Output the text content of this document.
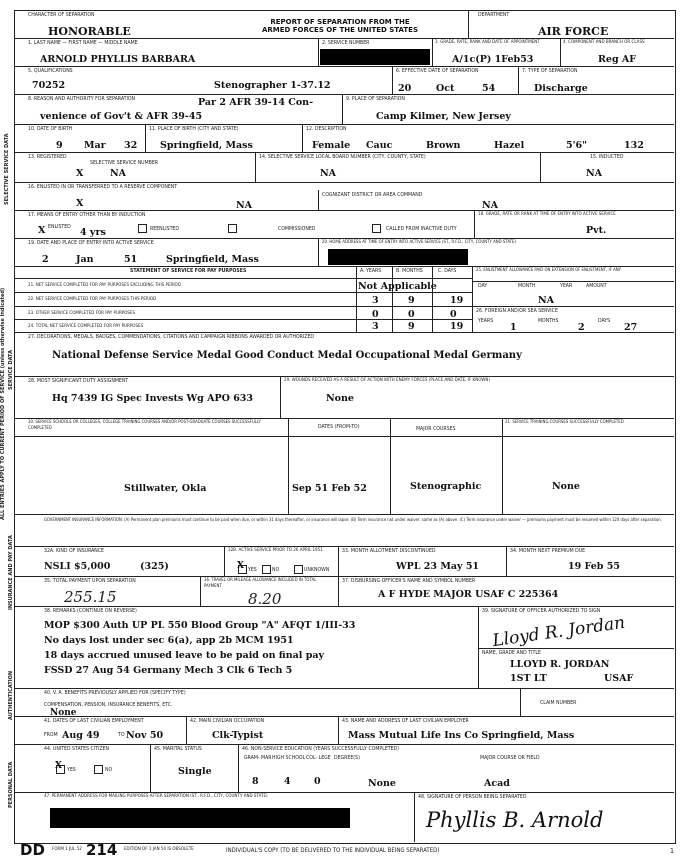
SELECTIVE SERVICE DATA
ALL ENTRIES APPLY TO CURRENT PERIOD OF SERVICE (unless otherwise indicated) SERVICE DATA
INSURANCE AND PAY DATA
AUTHENTICATION
PERSONAL DATA
CHARACTER OF SEPARATION
HONORABLE
REPORT OF SEPARATION FROM THE ARMED FORCES OF THE UNITED STATES
DEPARTMENT
AIR FORCE
1. LAST NAME — FIRST NAME — MIDDLE NAME
ARNOLD PHYLLIS BARBARA
2. SERVICE NUMBER	3. GRADE, RATE, RANK AND DATE OF APPOINTMENT
A/1c(P) 1Feb53
4. COMPONENT AND BRANCH OR CLASS
Reg AF
5. QUALIFICATIONS
70252	Stenographer 1-37.12
6. EFFECTIVE DATE OF SEPARATION
20	Oct	54
7. TYPE OF SEPARATION
Discharge
8. REASON AND AUTHORITY FOR SEPARATION	Par 2 AFR 39-14 Con-
venience of Gov't & AFR 39-45
9. PLACE OF SEPARATION
Camp Kilmer, New Jersey
10. DATE OF BIRTH
9 Mar 32
11. PLACE OF BIRTH (CITY AND STATE)
Springfield, Mass
12. DESCRIPTION
Female Cauc	Brown	Hazel	5'6"	132
13. REGISTERED
SELECTIVE SERVICE NUMBER
X	NA
14. SELECTIVE SERVICE LOCAL BOARD NUMBER (CITY, COUNTY, STATE)
NA
15. INDUCTED
NA
16. ENLISTED IN OR TRANSFERRED TO A RESERVE COMPONENT
X	NA
COGNIZANT DISTRICT OR AREA COMMAND
NA
17. MEANS OF ENTRY OTHER THAN BY INDUCTION
X ENLISTED 4 yrs	REENLISTED	COMMISSIONED	CALLED FROM INACTIVE DUTY
18. GRADE, RATE OR RANK AT TIME OF ENTRY INTO ACTIVE SERVICE
Pvt.
19. DATE AND PLACE OF ENTRY INTO ACTIVE SERVICE
2	Jan	51	Springfield, Mass
20. HOME ADDRESS AT TIME OF ENTRY INTO ACTIVE SERVICE (ST., R.F.D., CITY, COUNTY AND STATE)
STATEMENT OF SERVICE FOR PAY PURPOSES	A. YEARS	B. MONTHS	C. DAYS
21. NET SERVICE COMPLETED FOR PAY PURPOSES EXCLUDING THIS PERIOD	Not Applicable
22. NET SERVICE COMPLETED FOR PAY PURPOSES THIS PERIOD	3	9	19
23. OTHER SERVICE COMPLETED FOR PAY PURPOSES	0	0	0
24. TOTAL NET SERVICE COMPLETED FOR PAY PURPOSES	3	9	19
25. ENLISTMENT ALLOWANCE PAID ON EXTENSION OF ENLISTMENT, IF ANY
DAY	MONTH	YEAR	AMOUNT
NA
26. FOREIGN AND/OR SEA SERVICE
YEARS	MONTHS	DAYS
1	2	27
27. DECORATIONS, MEDALS, BADGES, COMMENDATIONS, CITATIONS AND CAMPAIGN RIBBONS AWARDED OR AUTHORIZED
National Defense Service Medal Good Conduct Medal Occupational Medal Germany
28. MOST SIGNIFICANT DUTY ASSIGNMENT
Hq 7439 IG Spec Invests Wg APO 633
29. WOUNDS RECEIVED AS A RESULT OF ACTION WITH ENEMY FORCES (PLACE AND DATE, IF KNOWN)
None
30. SERVICE SCHOOLS OR COLLEGES, COLLEGE TRAINING COURSES AND/OR POST-GRADUATE COURSES SUCCESSFULLY COMPLETED	DATES (FROM-TO)	MAJOR COURSES
31. SERVICE TRAINING COURSES SUCCESSFULLY COMPLETED
Stillwater, Okla	Sep 51 Feb 52	Stenographic	None
GOVERNMENT INSURANCE INFORMATION: (A) Permanent plan premiums must continue to be paid when due, or within 31 days thereafter, or insurance will lapse. (B) Term insurance not under waiver: same as (A) above. (C) Term insurance under waiver — premiums payment must be resumed within 120 days after separation.
32A. KIND OF INSURANCE
NSLI $5,000	(325)
32B. ACTIVE SERVICE PRIOR TO 26 APRIL 1951
X YES	NO	UNKNOWN
33. MONTH ALLOTMENT DISCONTINUED
WPL 23 May 51
34. MONTH NEXT PREMIUM DUE
19 Feb 55
35. TOTAL PAYMENT UPON SEPARATION
255.15
36. TRAVEL OR MILEAGE ALLOWANCE INCLUDED IN TOTAL PAYMENT
8.20
37. DISBURSING OFFICER'S NAME AND SYMBOL NUMBER
A F HYDE MAJOR USAF C 225364
38. REMARKS (CONTINUE ON REVERSE)
MOP $300 Auth UP PL 550 Blood Group "A" AFQT 1/III-33
No days lost under sec 6(a), app 2b MCM 1951
18 days accrued unused leave to be paid on final pay
FSSD 27 Aug 54 Germany Mech 3 Clk 6 Tech 5
39. SIGNATURE OF OFFICER AUTHORIZED TO SIGN
Lloyd R. Jordan
NAME, GRADE AND TITLE
LLOYD R. JORDAN
1ST LT	USAF
40. V. A. BENEFITS PREVIOUSLY APPLIED FOR (SPECIFY TYPE)
COMPENSATION, PENSION, INSURANCE BENEFITS, ETC.
None
CLAIM NUMBER
41. DATES OF LAST CIVILIAN EMPLOYMENT
FROM Aug 49	TO Nov 50
42. MAIN CIVILIAN OCCUPATION
Clk-Typist
43. NAME AND ADDRESS OF LAST CIVILIAN EMPLOYER
Mass Mutual Life Ins Co Springfield, Mass
44. UNITED STATES CITIZEN
X YES	NO
45. MARITAL STATUS
Single
46. NON-SERVICE EDUCATION (YEARS SUCCESSFULLY COMPLETED)
GRAM- MAR HIGH SCHOOL COL- LEGE DEGREE(S)	MAJOR COURSE OR FIELD
8	4 0	None	Acad
47. PERMANENT ADDRESS FOR MAILING PURPOSES AFTER SEPARATION (ST., R.F.D., CITY, COUNTY AND STATE)	48. SIGNATURE OF PERSON BEING SEPARATED
Phyllis B. Arnold
DD FORM 1 JUL 52 214 EDITION OF 1 JAN 50 IS OBSOLETE	INDIVIDUAL'S COPY (TO BE DELIVERED TO THE INDIVIDUAL BEING SEPARATED)	1
